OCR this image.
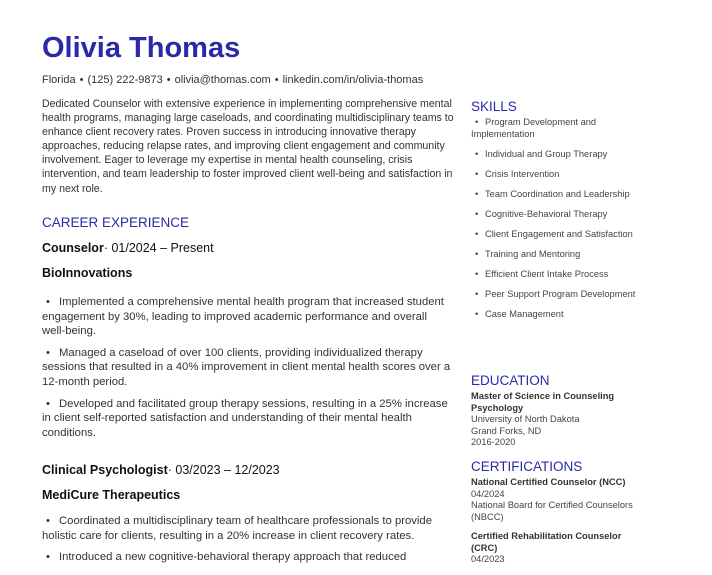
Olivia Thomas
Florida • (125) 222-9873 • olivia@thomas.com • linkedin.com/in/olivia-thomas
Dedicated Counselor with extensive experience in implementing comprehensive mental health programs, managing large caseloads, and coordinating multidisciplinary teams to enhance client recovery rates. Proven success in introducing innovative therapy approaches, reducing relapse rates, and improving client engagement and community involvement. Eager to leverage my expertise in mental health counseling, crisis intervention, and team leadership to foster improved client well-being and satisfaction in my next role.
CAREER EXPERIENCE
Counselor· 01/2024 – Present
BioInnovations
• Implemented a comprehensive mental health program that increased student engagement by 30%, leading to improved academic performance and overall well-being.
• Managed a caseload of over 100 clients, providing individualized therapy sessions that resulted in a 40% improvement in client mental health scores over a 12-month period.
• Developed and facilitated group therapy sessions, resulting in a 25% increase in client self-reported satisfaction and understanding of their mental health conditions.
Clinical Psychologist· 03/2023 – 12/2023
MediCure Therapeutics
• Coordinated a multidisciplinary team of healthcare professionals to provide holistic care for clients, resulting in a 20% increase in client recovery rates.
• Introduced a new cognitive-behavioral therapy approach that reduced
SKILLS
• Program Development and Implementation
• Individual and Group Therapy
• Crisis Intervention
• Team Coordination and Leadership
• Cognitive-Behavioral Therapy
• Client Engagement and Satisfaction
• Training and Mentoring
• Efficient Client Intake Process
• Peer Support Program Development
• Case Management
EDUCATION
Master of Science in Counseling Psychology
University of North Dakota
Grand Forks, ND
2016-2020
CERTIFICATIONS
National Certified Counselor (NCC)
04/2024
National Board for Certified Counselors (NBCC)
Certified Rehabilitation Counselor (CRC)
04/2023
